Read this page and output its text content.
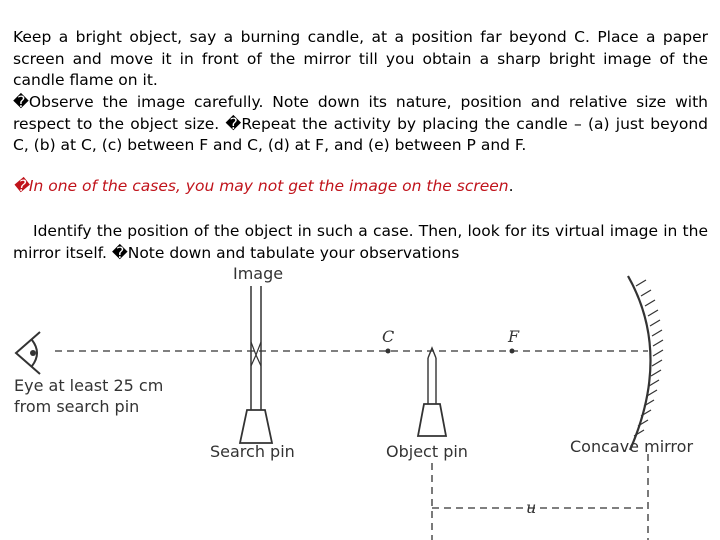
Keep a bright object, say a burning candle, at a position far beyond C. Place a paper screen and move it in front of the mirror till you obtain a sharp bright image of the candle flame on it.

�Observe the image carefully. Note down its nature, position and relative size with respect to the object size. �Repeat the activity by placing the candle – (a) just beyond C, (b) at C, (c) between F and C, (d) at F, and (e) between P and F.

�In one of the cases, you may not get the image on the screen.

Identify the position of the object in such a case. Then, look for its virtual image in the mirror itself. �Note down and tabulate your observations

Image
C	F
Eye at least 25 cm
from search pin
Search pin	Object pin	Concave mirror
u
